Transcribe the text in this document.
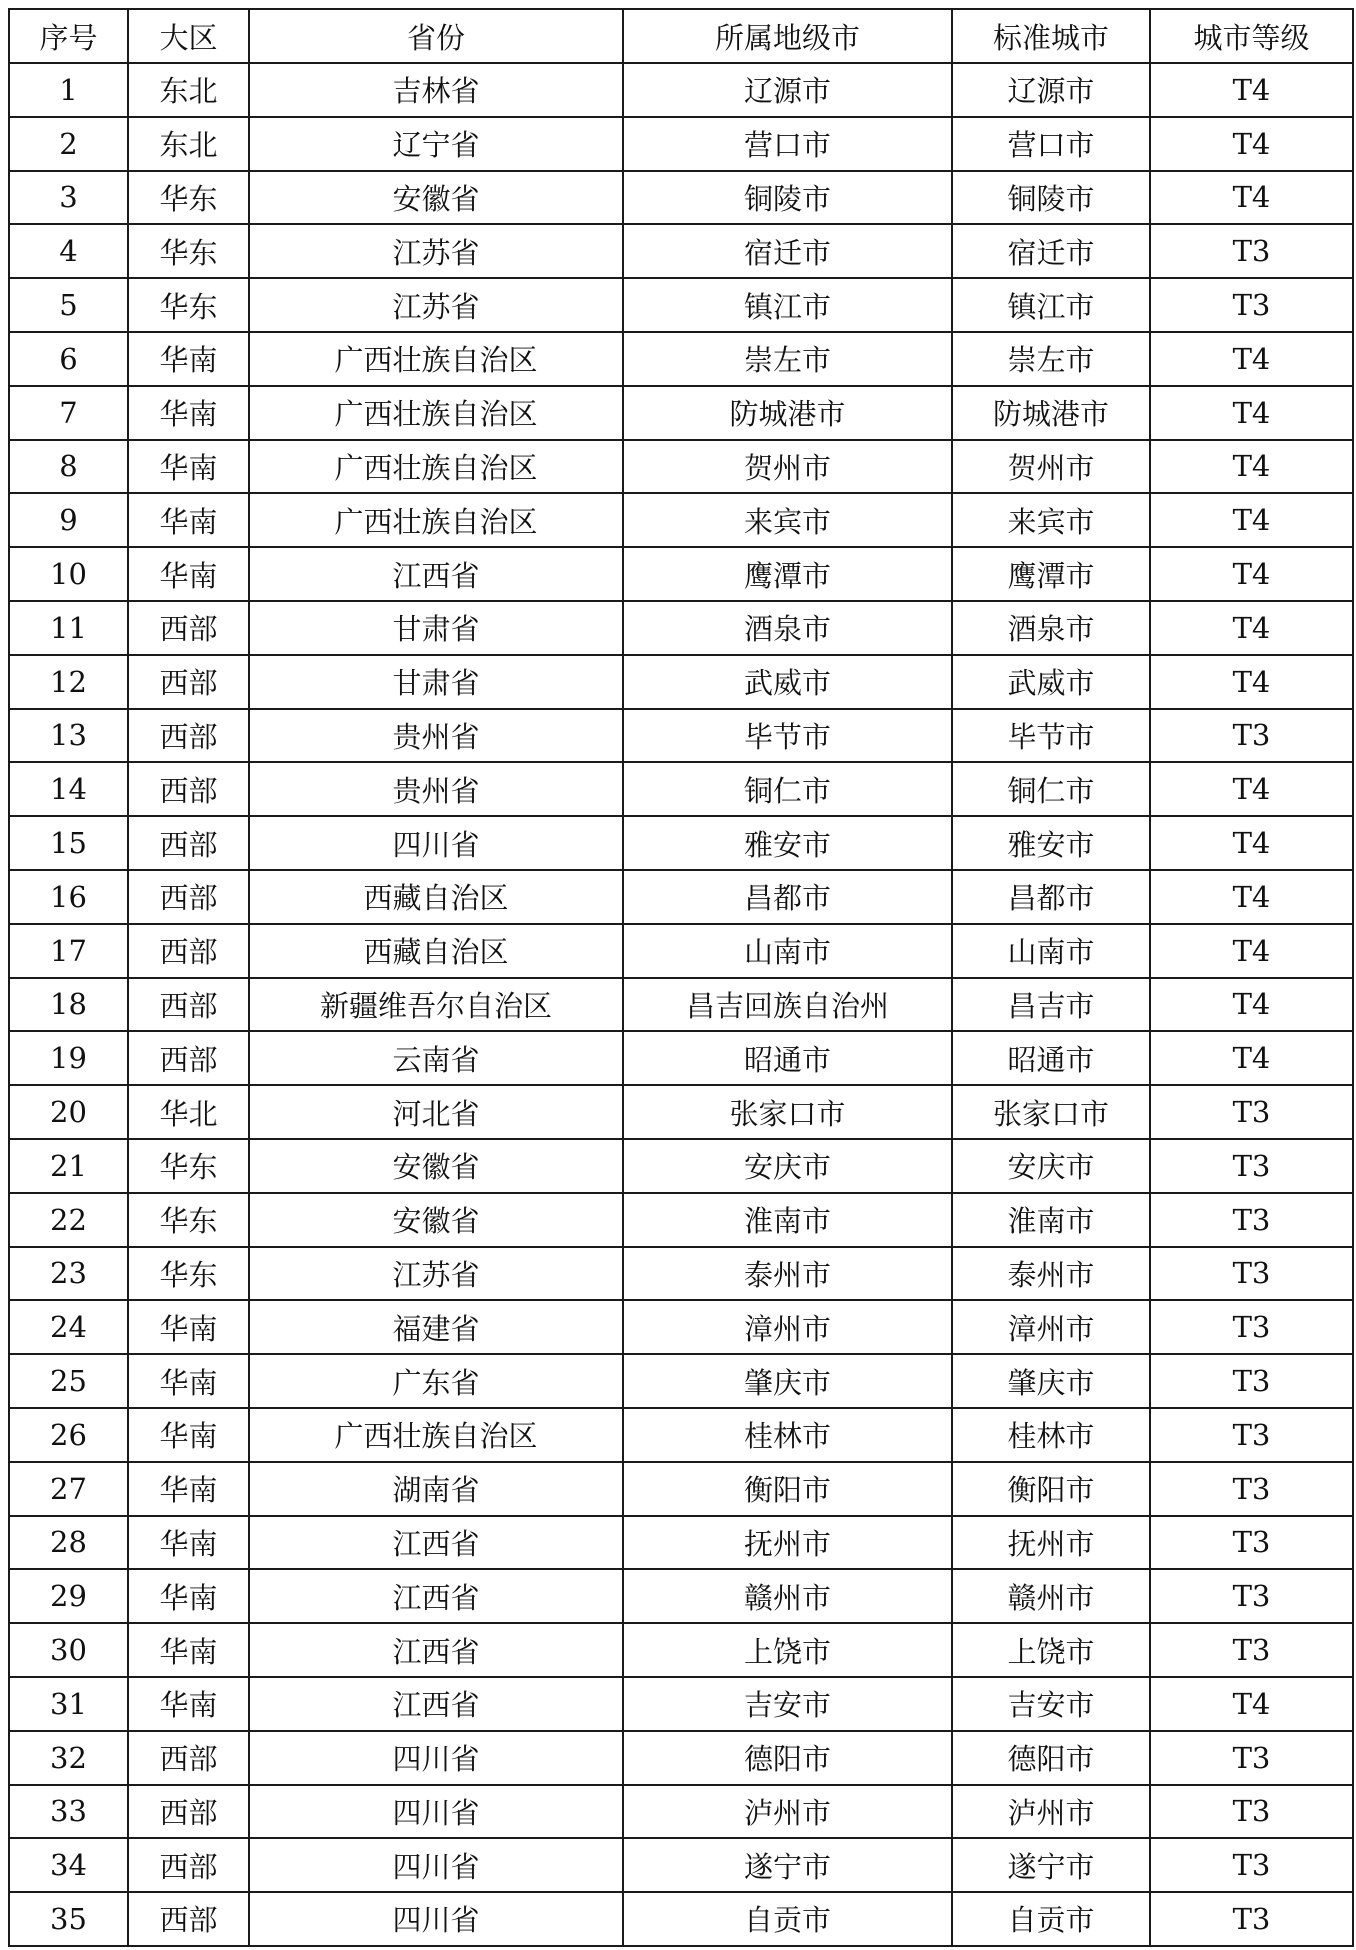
序号	大区	省份	所属地级市	标准城市	城市等级
1	东北	吉林省	辽源市	辽源市	T4
2	东北	辽宁省	营口市	营口市	T4
3	华东	安徽省	铜陵市	铜陵市	T4
4	华东	江苏省	宿迁市	宿迁市	T3
5	华东	江苏省	镇江市	镇江市	T3
6	华南	广西壮族自治区	崇左市	崇左市	T4
7	华南	广西壮族自治区	防城港市	防城港市	T4
8	华南	广西壮族自治区	贺州市	贺州市	T4
9	华南	广西壮族自治区	来宾市	来宾市	T4
10	华南	江西省	鹰潭市	鹰潭市	T4
11	西部	甘肃省	酒泉市	酒泉市	T4
12	西部	甘肃省	武威市	武威市	T4
13	西部	贵州省	毕节市	毕节市	T3
14	西部	贵州省	铜仁市	铜仁市	T4
15	西部	四川省	雅安市	雅安市	T4
16	西部	西藏自治区	昌都市	昌都市	T4
17	西部	西藏自治区	山南市	山南市	T4
18	西部	新疆维吾尔自治区	昌吉回族自治州	昌吉市	T4
19	西部	云南省	昭通市	昭通市	T4
20	华北	河北省	张家口市	张家口市	T3
21	华东	安徽省	安庆市	安庆市	T3
22	华东	安徽省	淮南市	淮南市	T3
23	华东	江苏省	泰州市	泰州市	T3
24	华南	福建省	漳州市	漳州市	T3
25	华南	广东省	肇庆市	肇庆市	T3
26	华南	广西壮族自治区	桂林市	桂林市	T3
27	华南	湖南省	衡阳市	衡阳市	T3
28	华南	江西省	抚州市	抚州市	T3
29	华南	江西省	赣州市	赣州市	T3
30	华南	江西省	上饶市	上饶市	T3
31	华南	江西省	吉安市	吉安市	T4
32	西部	四川省	德阳市	德阳市	T3
33	西部	四川省	泸州市	泸州市	T3
34	西部	四川省	遂宁市	遂宁市	T3
35	西部	四川省	自贡市	自贡市	T3
